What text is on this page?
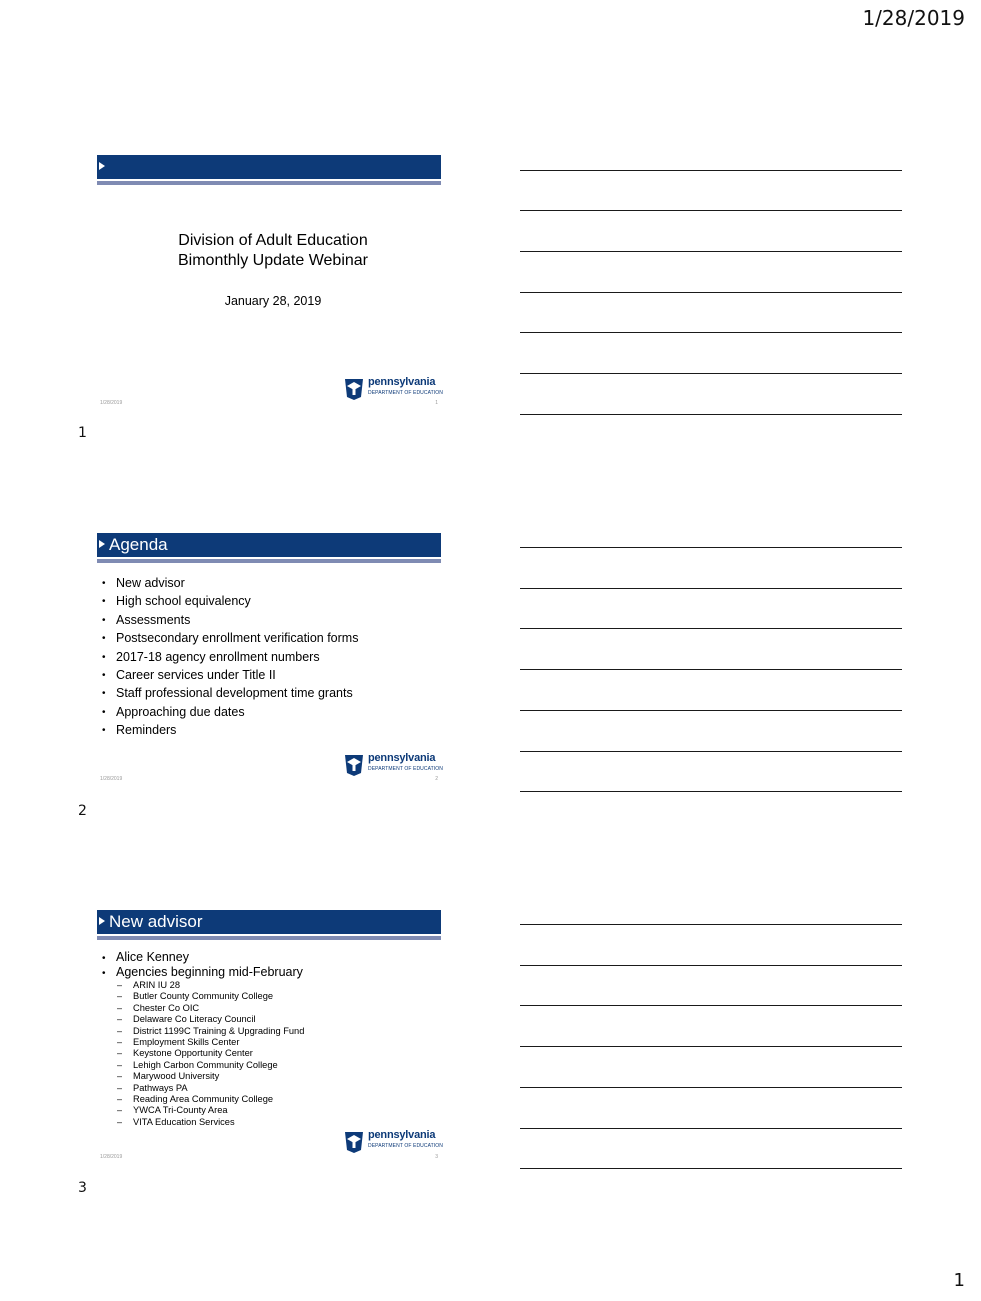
1/28/2019
Division of Adult Education
Bimonthly Update Webinar
January 28, 2019
pennsylvania
DEPARTMENT OF EDUCATION
1/28/2019	1
1
Agenda
• New advisor
• High school equivalency
• Assessments
• Postsecondary enrollment verification forms
• 2017-18 agency enrollment numbers
• Career services under Title II
• Staff professional development time grants
• Approaching due dates
• Reminders
pennsylvania
DEPARTMENT OF EDUCATION
1/28/2019	2
2
New advisor
• Alice Kenney
• Agencies beginning mid-February
– ARIN IU 28
– Butler County Community College
– Chester Co OIC
– Delaware Co Literacy Council
– District 1199C Training & Upgrading Fund
– Employment Skills Center
– Keystone Opportunity Center
– Lehigh Carbon Community College
– Marywood University
– Pathways PA
– Reading Area Community College
– YWCA Tri-County Area
– VITA Education Services
pennsylvania
DEPARTMENT OF EDUCATION
1/28/2019	3
3
1
